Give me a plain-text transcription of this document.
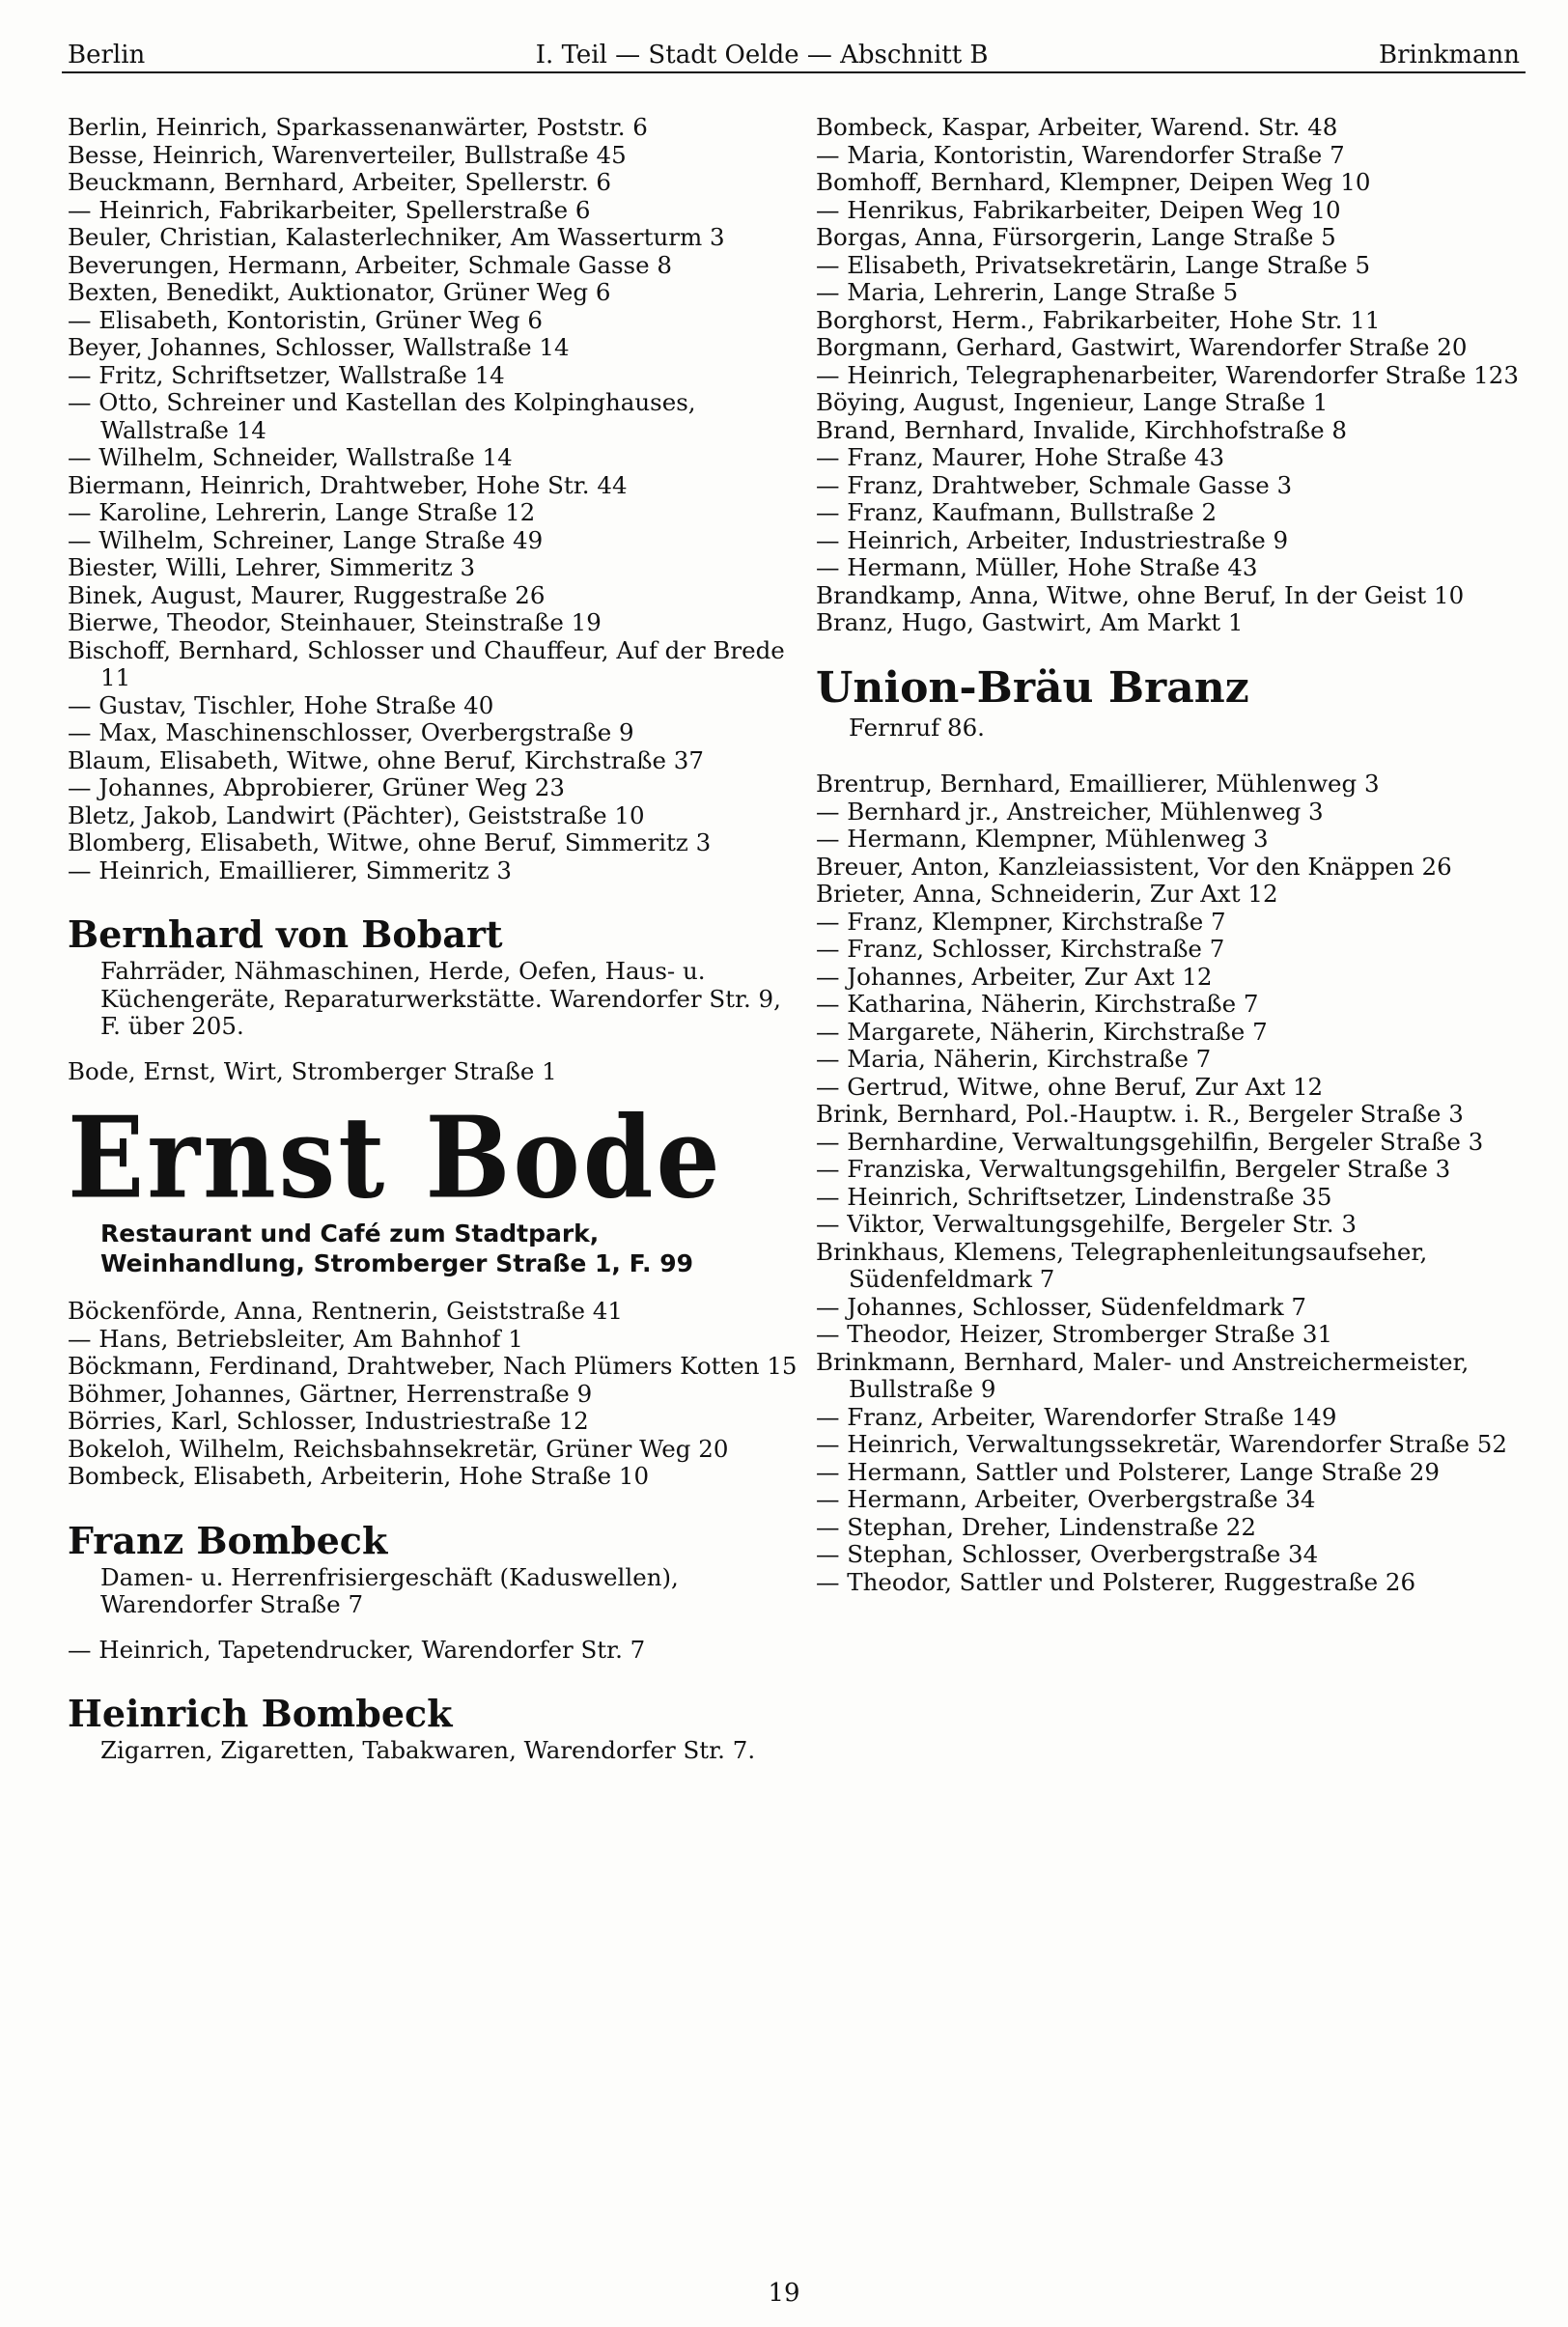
Berlin	I. Teil — Stadt Oelde — Abschnitt B	Brinkmann
Berlin, Heinrich, Sparkassenanwärter, Poststr. 6
Besse, Heinrich, Warenverteiler, Bullstraße 45
Beuckmann, Bernhard, Arbeiter, Spellerstr. 6
— Heinrich, Fabrikarbeiter, Spellerstraße 6
Beuler, Christian, Kalasterlechniker, Am Wasserturm 3
Beverungen, Hermann, Arbeiter, Schmale Gasse 8
Bexten, Benedikt, Auktionator, Grüner Weg 6
— Elisabeth, Kontoristin, Grüner Weg 6
Beyer, Johannes, Schlosser, Wallstraße 14
— Fritz, Schriftsetzer, Wallstraße 14
— Otto, Schreiner und Kastellan des Kolpinghauses, Wallstraße 14
— Wilhelm, Schneider, Wallstraße 14
Biermann, Heinrich, Drahtweber, Hohe Str. 44
— Karoline, Lehrerin, Lange Straße 12
— Wilhelm, Schreiner, Lange Straße 49
Biester, Willi, Lehrer, Simmeritz 3
Binek, August, Maurer, Ruggestraße 26
Bierwe, Theodor, Steinhauer, Steinstraße 19
Bischoff, Bernhard, Schlosser und Chauffeur, Auf der Brede 11
— Gustav, Tischler, Hohe Straße 40
— Max, Maschinenschlosser, Overbergstraße 9
Blaum, Elisabeth, Witwe, ohne Beruf, Kirchstraße 37
— Johannes, Abprobierer, Grüner Weg 23
Bletz, Jakob, Landwirt (Pächter), Geiststraße 10
Blomberg, Elisabeth, Witwe, ohne Beruf, Simmeritz 3
— Heinrich, Emaillierer, Simmeritz 3
Bernhard von Bobart
Fahrräder, Nähmaschinen, Herde, Oefen, Haus- u. Küchengeräte, Reparaturwerkstätte. Warendorfer Str. 9, F. über 205.
Bode, Ernst, Wirt, Stromberger Straße 1
Ernst Bode
Restaurant und Café zum Stadtpark,
Weinhandlung, Stromberger Straße 1, F. 99
Böckenförde, Anna, Rentnerin, Geiststraße 41
— Hans, Betriebsleiter, Am Bahnhof 1
Böckmann, Ferdinand, Drahtweber, Nach Plümers Kotten 15
Böhmer, Johannes, Gärtner, Herrenstraße 9
Börries, Karl, Schlosser, Industriestraße 12
Bokeloh, Wilhelm, Reichsbahnsekretär, Grüner Weg 20
Bombeck, Elisabeth, Arbeiterin, Hohe Straße 10
Franz Bombeck
Damen- u. Herrenfrisiergeschäft (Kaduswellen), Warendorfer Straße 7
— Heinrich, Tapetendrucker, Warendorfer Str. 7
Heinrich Bombeck
Zigarren, Zigaretten, Tabakwaren, Warendorfer Str. 7.
Bombeck, Kaspar, Arbeiter, Warend. Str. 48
— Maria, Kontoristin, Warendorfer Straße 7
Bomhoff, Bernhard, Klempner, Deipen Weg 10
— Henrikus, Fabrikarbeiter, Deipen Weg 10
Borgas, Anna, Fürsorgerin, Lange Straße 5
— Elisabeth, Privatsekretärin, Lange Straße 5
— Maria, Lehrerin, Lange Straße 5
Borghorst, Herm., Fabrikarbeiter, Hohe Str. 11
Borgmann, Gerhard, Gastwirt, Warendorfer Straße 20
— Heinrich, Telegraphenarbeiter, Warendorfer Straße 123
Böying, August, Ingenieur, Lange Straße 1
Brand, Bernhard, Invalide, Kirchhofstraße 8
— Franz, Maurer, Hohe Straße 43
— Franz, Drahtweber, Schmale Gasse 3
— Franz, Kaufmann, Bullstraße 2
— Heinrich, Arbeiter, Industriestraße 9
— Hermann, Müller, Hohe Straße 43
Brandkamp, Anna, Witwe, ohne Beruf, In der Geist 10
Branz, Hugo, Gastwirt, Am Markt 1
Union-Bräu Branz
Fernruf 86.
Brentrup, Bernhard, Emaillierer, Mühlenweg 3
— Bernhard jr., Anstreicher, Mühlenweg 3
— Hermann, Klempner, Mühlenweg 3
Breuer, Anton, Kanzleiassistent, Vor den Knäppen 26
Brieter, Anna, Schneiderin, Zur Axt 12
— Franz, Klempner, Kirchstraße 7
— Franz, Schlosser, Kirchstraße 7
— Johannes, Arbeiter, Zur Axt 12
— Katharina, Näherin, Kirchstraße 7
— Margarete, Näherin, Kirchstraße 7
— Maria, Näherin, Kirchstraße 7
— Gertrud, Witwe, ohne Beruf, Zur Axt 12
Brink, Bernhard, Pol.-Hauptw. i. R., Bergeler Straße 3
— Bernhardine, Verwaltungsgehilfin, Bergeler Straße 3
— Franziska, Verwaltungsgehilfin, Bergeler Straße 3
— Heinrich, Schriftsetzer, Lindenstraße 35
— Viktor, Verwaltungsgehilfe, Bergeler Str. 3
Brinkhaus, Klemens, Telegraphenleitungsaufseher, Südenfeldmark 7
— Johannes, Schlosser, Südenfeldmark 7
— Theodor, Heizer, Stromberger Straße 31
Brinkmann, Bernhard, Maler- und Anstreichermeister, Bullstraße 9
— Franz, Arbeiter, Warendorfer Straße 149
— Heinrich, Verwaltungssekretär, Warendorfer Straße 52
— Hermann, Sattler und Polsterer, Lange Straße 29
— Hermann, Arbeiter, Overbergstraße 34
— Stephan, Dreher, Lindenstraße 22
— Stephan, Schlosser, Overbergstraße 34
— Theodor, Sattler und Polsterer, Ruggestraße 26
19
